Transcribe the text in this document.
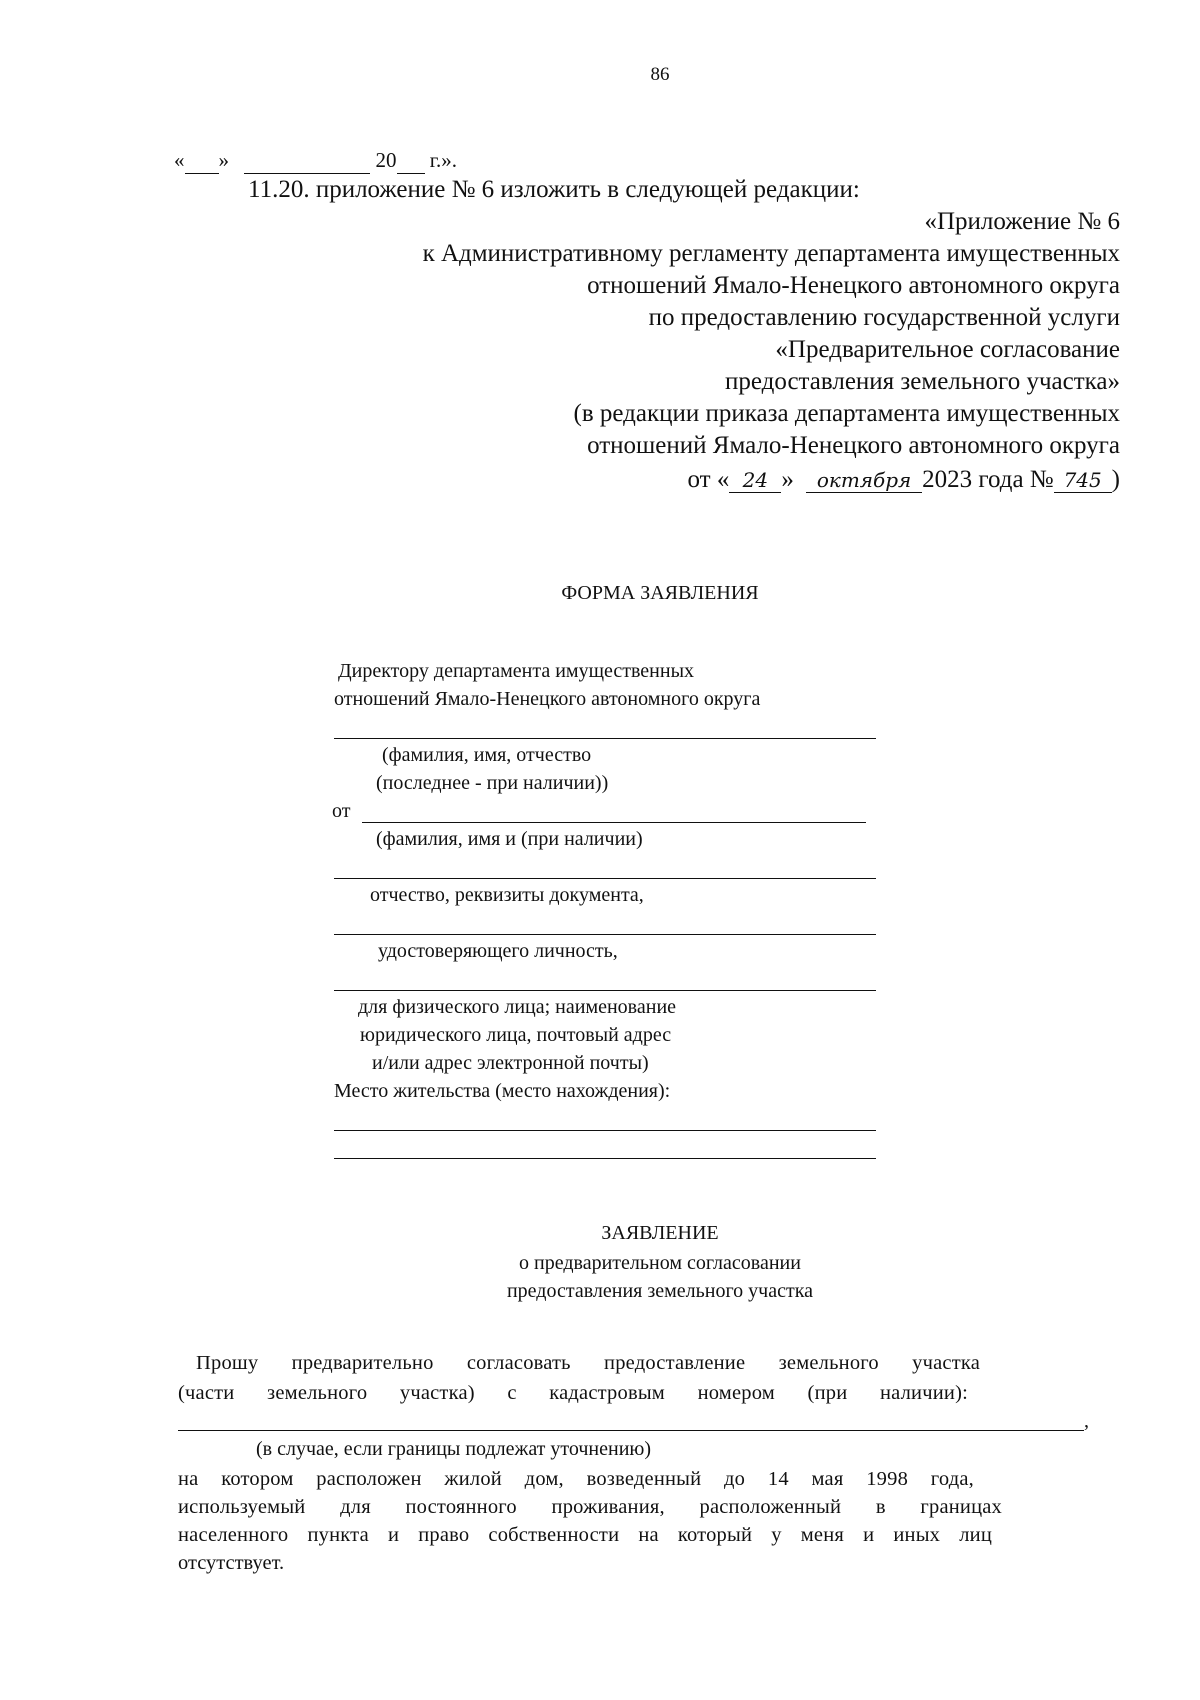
86
« »	20 г.».
11.20. приложение № 6 изложить в следующей редакции:
«Приложение № 6
к Административному регламенту департамента имущественных
отношений Ямало-Ненецкого автономного округа
по предоставлению государственной услуги
«Предварительное согласование
предоставления земельного участка»
(в редакции приказа департамента имущественных
отношений Ямало-Ненецкого автономного округа
от « 24 » октября 2023 года № 745 )
ФОРМА ЗАЯВЛЕНИЯ
Директору департамента имущественных
отношений Ямало-Ненецкого автономного округа
(фамилия, имя, отчество
(последнее - при наличии))
от
(фамилия, имя и (при наличии)
отчество, реквизиты документа,
удостоверяющего личность,
для физического лица; наименование
юридического лица, почтовый адрес
и/или адрес электронной почты)
Место жительства (место нахождения):
ЗАЯВЛЕНИЕ
о предварительном согласовании
предоставления земельного участка
Прошу предварительно согласовать предоставление земельного участка
(части земельного участка) с кадастровым номером (при наличии):
,
(в случае, если границы подлежат уточнению)
на котором расположен жилой дом, возведенный до 14 мая 1998 года,
используемый для постоянного проживания, расположенный в границах
населенного пункта и право собственности на который у меня и иных лиц
отсутствует.
